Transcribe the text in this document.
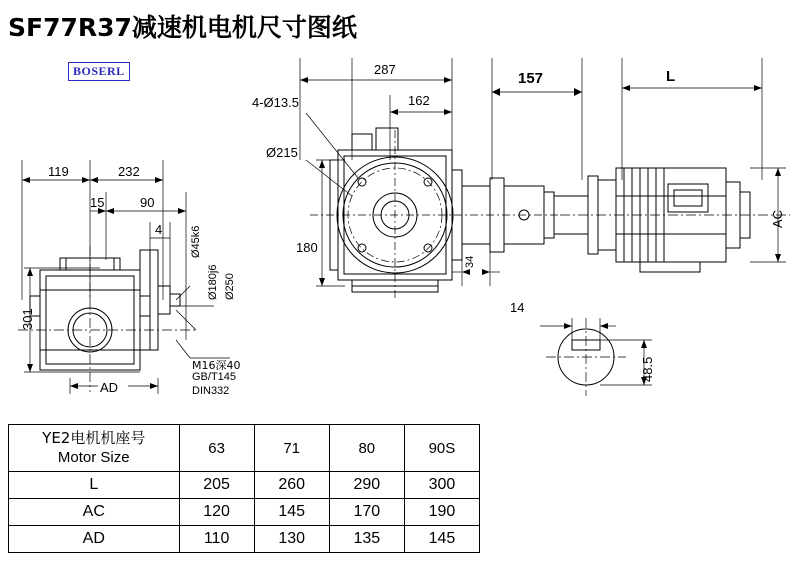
SF77R37减速机电机尺寸图纸
BOSERL
119	232
15	90
4
301
AD
Ø45k6
Ø180j6 Ø250
M16深40
GB/T145
DIN332
287
162
157	L
4-Ø13.5
Ø215
180
34
AC
14
48.5
YE2电机机座号
Motor Size	63	71	80	90S
L	205	260	290	300
AC	120	145	170	190
AD	110	130	135	145
